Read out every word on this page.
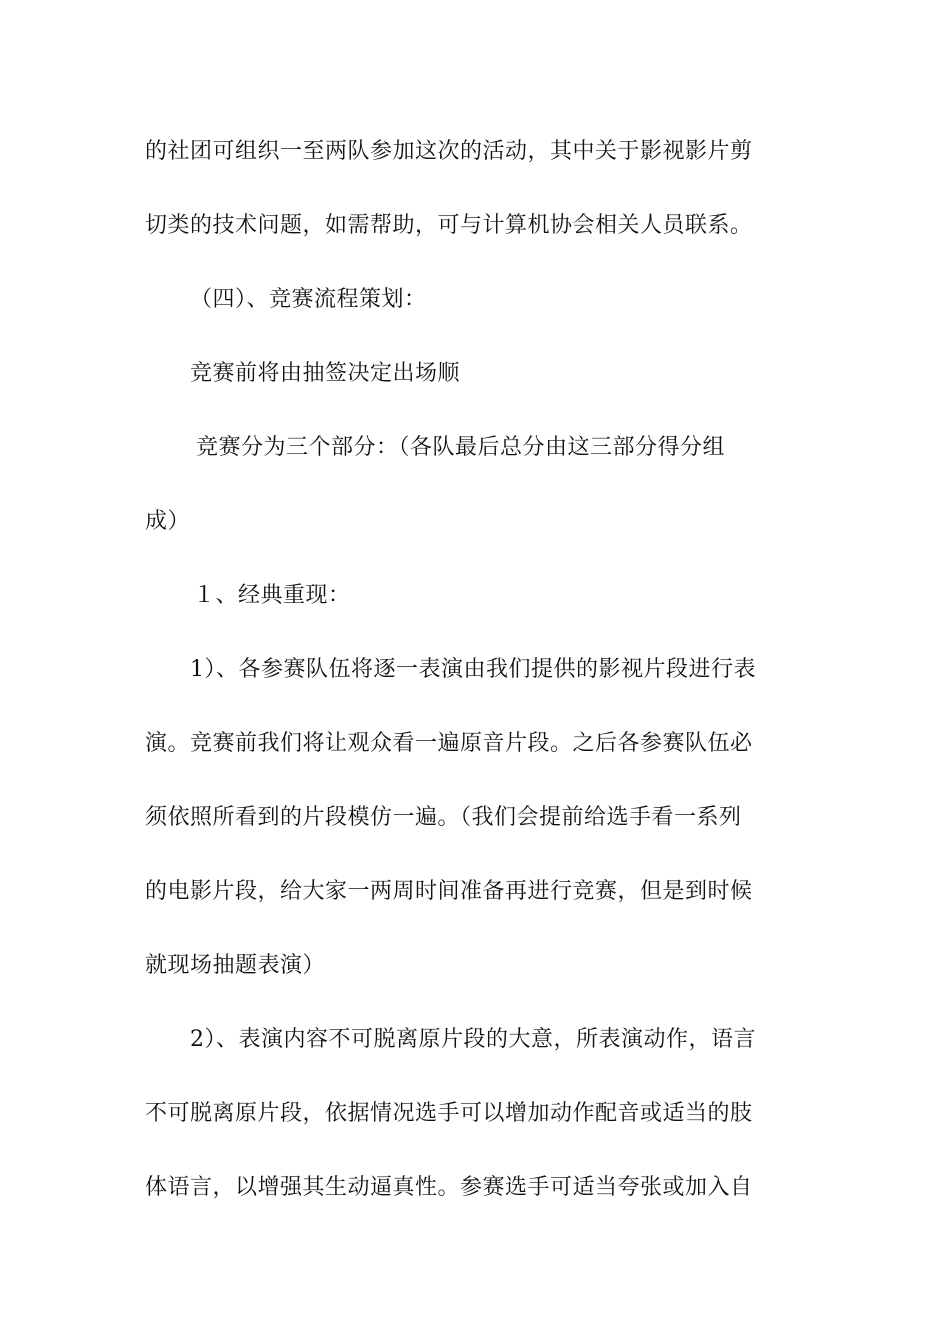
的社团可组织一至两队参加这次的活动，其中关于影视影片剪
切类的技术问题，如需帮助，可与计算机协会相关人员联系。
（四）、竞赛流程策划：
竞赛前将由抽签决定出场顺
竞赛分为三个部分：（各队最后总分由这三部分得分组
成）
１、经典重现：
1）、各参赛队伍将逐一表演由我们提供的影视片段进行表
演。竞赛前我们将让观众看一遍原音片段。之后各参赛队伍必
须依照所看到的片段模仿一遍。（我们会提前给选手看一系列
的电影片段，给大家一两周时间准备再进行竞赛，但是到时候
就现场抽题表演）
2）、表演内容不可脱离原片段的大意，所表演动作，语言
不可脱离原片段，依据情况选手可以增加动作配音或适当的肢
体语言，以增强其生动逼真性。参赛选手可适当夸张或加入自
